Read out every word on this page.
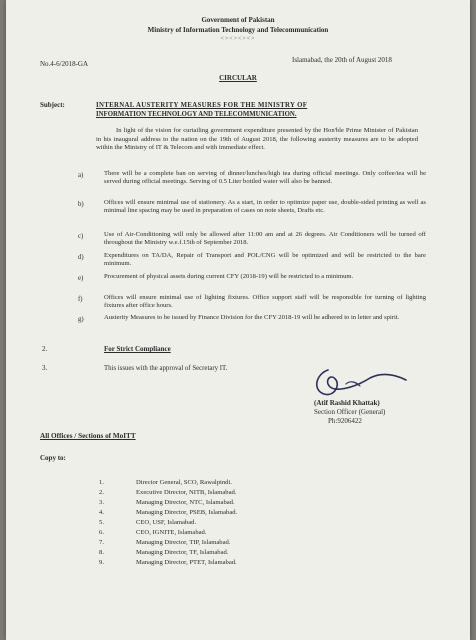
Government of Pakistan
Ministry of Information Technology and Telecommunication
<><><><>
No.4-6/2018-GA	Islamabad, the 20th of August 2018
CIRCULAR
Subject:	INTERNAL AUSTERITY MEASURES FOR THE MINISTRY OF
INFORMATION TECHNOLOGY AND TELECOMMUNICATION.
In light of the vision for curtailing government expenditure presented by the Hon'ble Prime Minister of Pakistan in his inaugural address to the nation on the 19th of August 2018, the following austerity measures are to be adopted within the Ministry of IT & Telecom and with immediate effect.
a)	There will be a complete ban on serving of dinner/lunches/high tea during official meetings. Only coffee/tea will be served during official meetings. Serving of 0.5 Liter bottled water will also be banned.
b)	Offices will ensure minimal use of stationery. As a start, in order to optimize paper use, double-sided printing as well as minimal line spacing may be used in preparation of cases on note sheets, Drafts etc.
c)	Use of Air-Conditioning will only be allowed after 11:00 am and at 26 degrees. Air Conditioners will be turned off throughout the Ministry w.e.f.15th of September 2018.
d)	Expenditures on TA/DA, Repair of Transport and POL/CNG will be optimized and will be restricted to the bare minimum.
e)	Procurement of physical assets during current CFY (2018-19) will be restricted to a minimum.
f)	Offices will ensure minimal use of lighting fixtures. Office support staff will be responsible for turning of lighting fixtures after office hours.
g)	Austerity Measures to be issued by Finance Division for the CFY 2018-19 will be adhered to in letter and spirit.
2.	For Strict Compliance
3.	This issues with the approval of Secretary IT.
(Atif Rashid Khattak)
Section Officer (General)
Ph:9206422
All Offices / Sections of MoITT
Copy to:
1.	Director General, SCO, Rawalpindi.
2.	Executive Director, NITB, Islamabad.
3.	Managing Director, NTC, Islamabad.
4.	Managing Director, PSEB, Islamabad.
5.	CEO, USF, Islamabad.
6.	CEO, IGNITE, Islamabad.
7.	Managing Director, TIP, Islamabad.
8.	Managing Director, TF, Islamabad.
9.	Managing Director, PTET, Islamabad.
